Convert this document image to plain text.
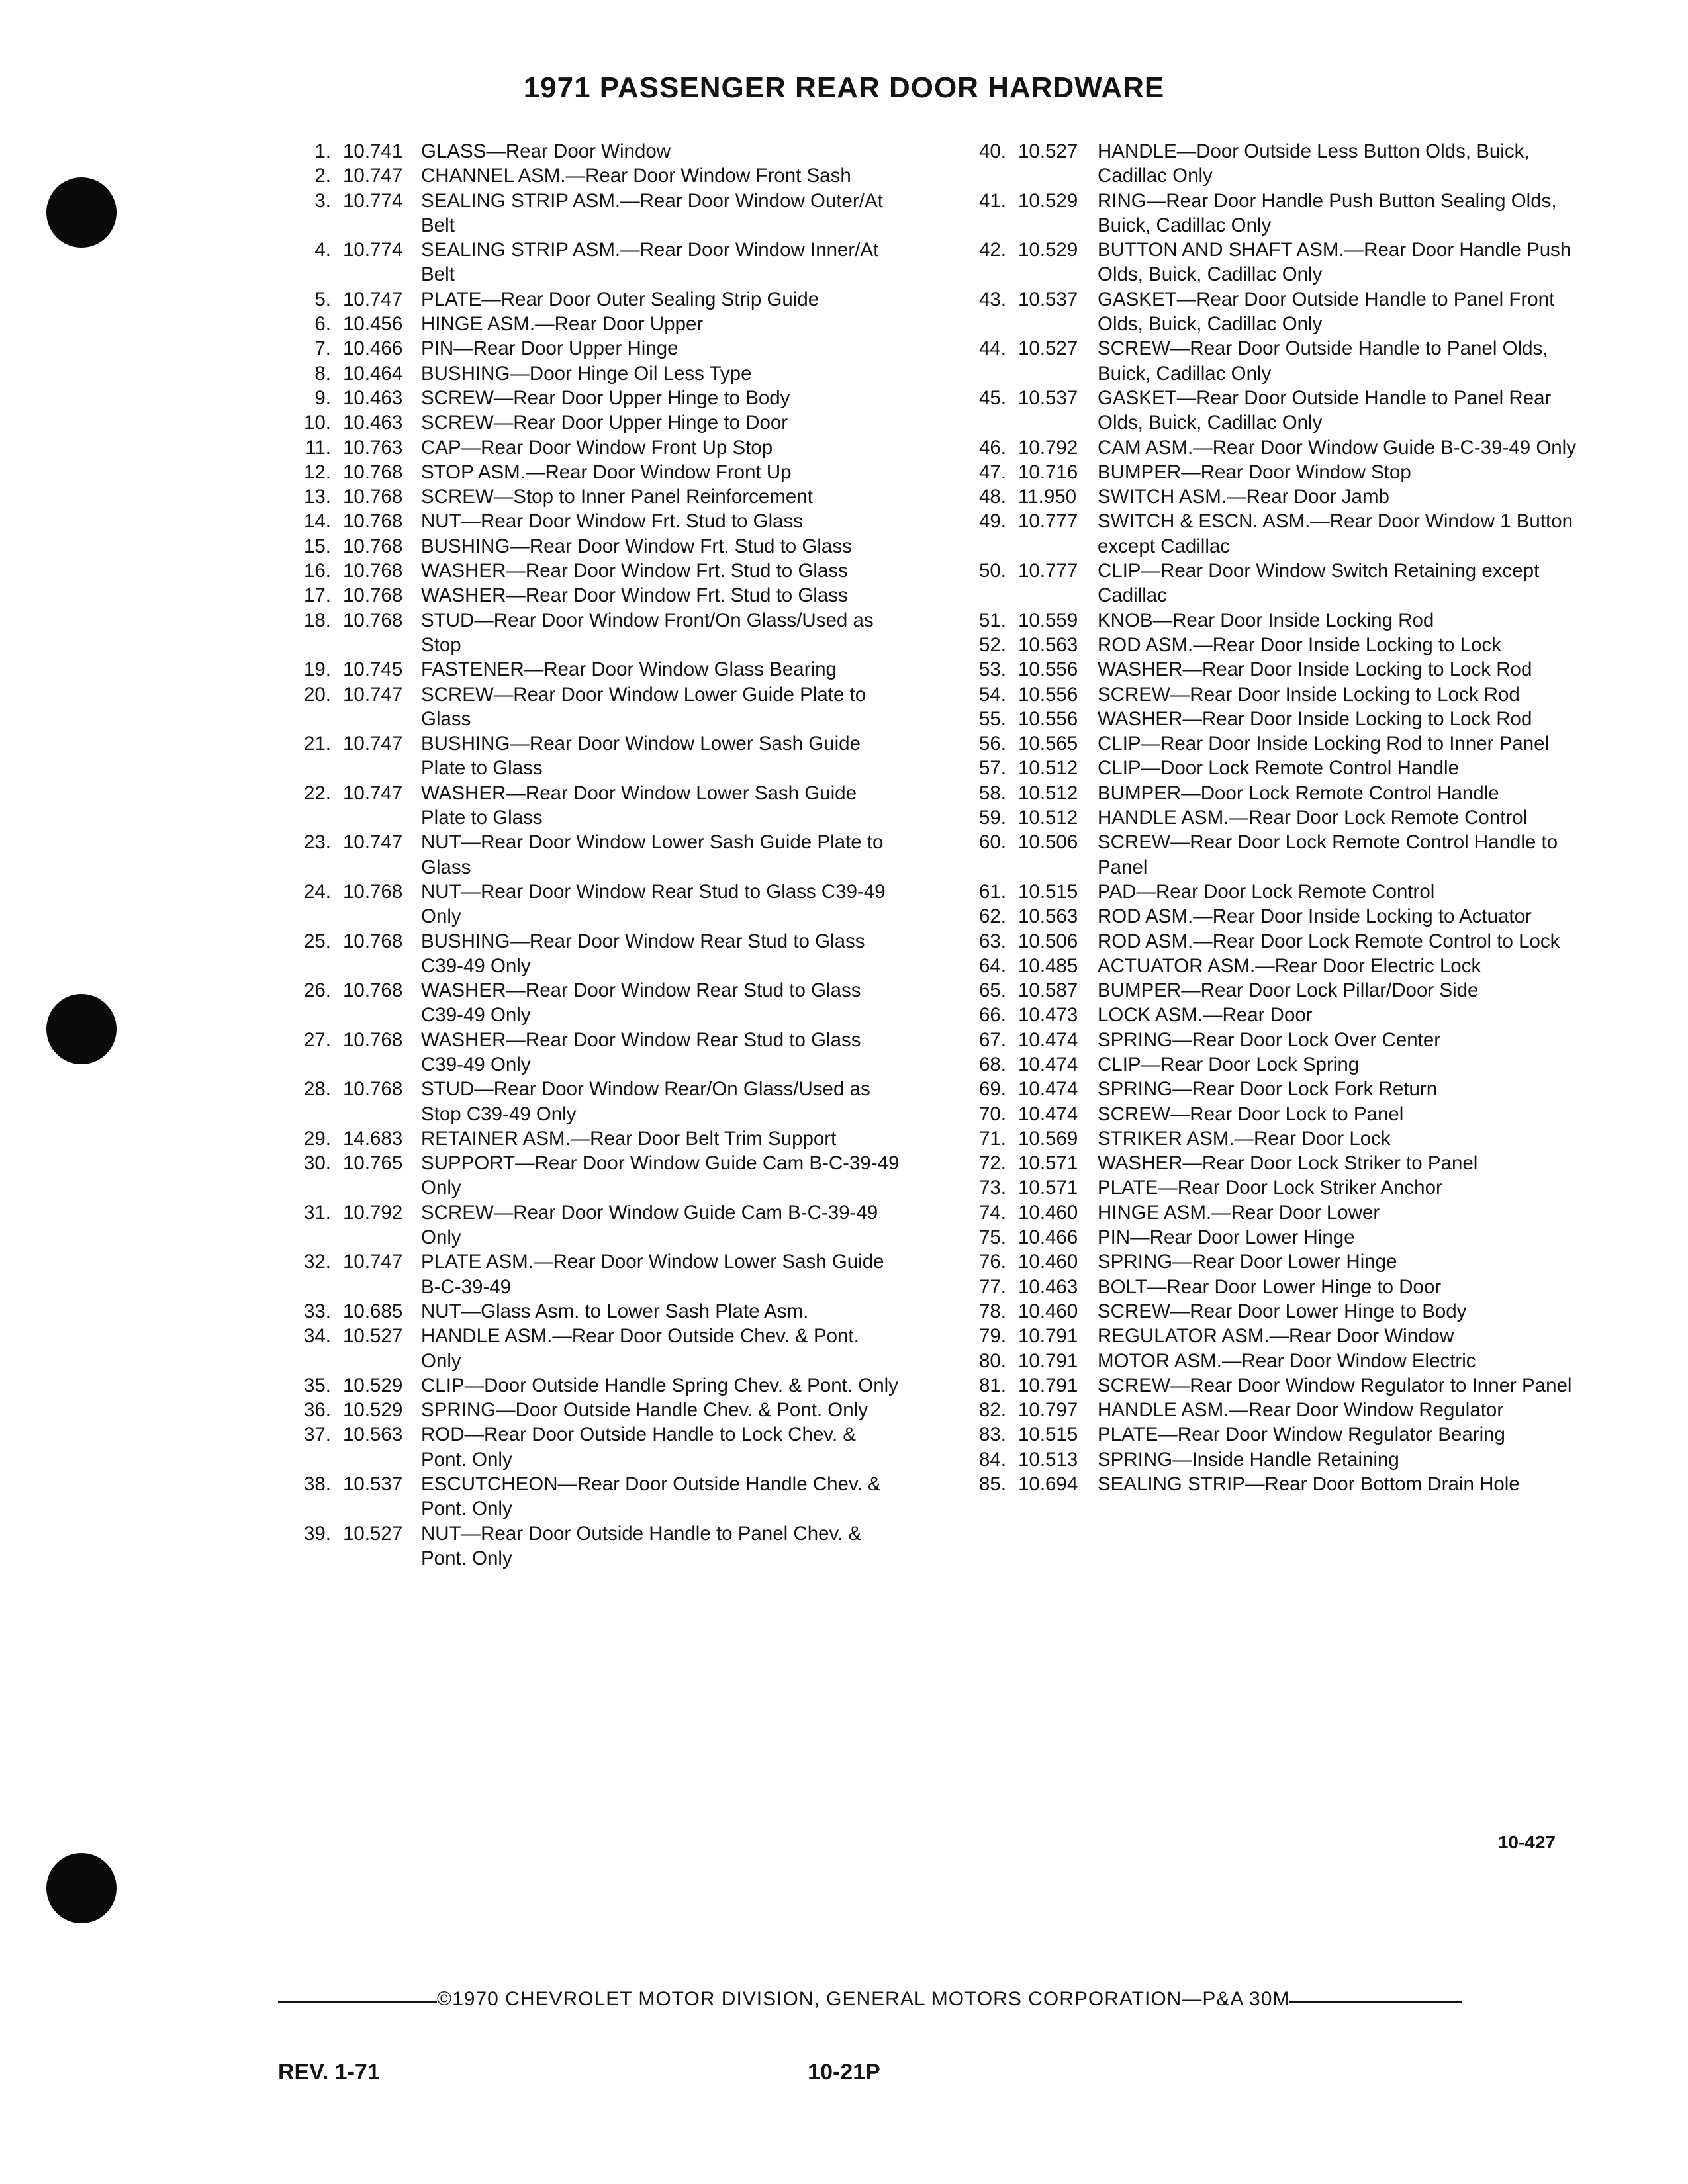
1971 PASSENGER REAR DOOR HARDWARE
1. 10.741 GLASS—Rear Door Window
2. 10.747 CHANNEL ASM.—Rear Door Window Front Sash
3. 10.774 SEALING STRIP ASM.—Rear Door Window Outer/At Belt
4. 10.774 SEALING STRIP ASM.—Rear Door Window Inner/At Belt
5. 10.747 PLATE—Rear Door Outer Sealing Strip Guide
6. 10.456 HINGE ASM.—Rear Door Upper
7. 10.466 PIN—Rear Door Upper Hinge
8. 10.464 BUSHING—Door Hinge Oil Less Type
9. 10.463 SCREW—Rear Door Upper Hinge to Body
10. 10.463 SCREW—Rear Door Upper Hinge to Door
11. 10.763 CAP—Rear Door Window Front Up Stop
12. 10.768 STOP ASM.—Rear Door Window Front Up
13. 10.768 SCREW—Stop to Inner Panel Reinforcement
14. 10.768 NUT—Rear Door Window Frt. Stud to Glass
15. 10.768 BUSHING—Rear Door Window Frt. Stud to Glass
16. 10.768 WASHER—Rear Door Window Frt. Stud to Glass
17. 10.768 WASHER—Rear Door Window Frt. Stud to Glass
18. 10.768 STUD—Rear Door Window Front/On Glass/Used as Stop
19. 10.745 FASTENER—Rear Door Window Glass Bearing
20. 10.747 SCREW—Rear Door Window Lower Guide Plate to Glass
21. 10.747 BUSHING—Rear Door Window Lower Sash Guide Plate to Glass
22. 10.747 WASHER—Rear Door Window Lower Sash Guide Plate to Glass
23. 10.747 NUT—Rear Door Window Lower Sash Guide Plate to Glass
24. 10.768 NUT—Rear Door Window Rear Stud to Glass C39-49 Only
25. 10.768 BUSHING—Rear Door Window Rear Stud to Glass C39-49 Only
26. 10.768 WASHER—Rear Door Window Rear Stud to Glass C39-49 Only
27. 10.768 WASHER—Rear Door Window Rear Stud to Glass C39-49 Only
28. 10.768 STUD—Rear Door Window Rear/On Glass/Used as Stop C39-49 Only
29. 14.683 RETAINER ASM.—Rear Door Belt Trim Support
30. 10.765 SUPPORT—Rear Door Window Guide Cam B-C-39-49 Only
31. 10.792 SCREW—Rear Door Window Guide Cam B-C-39-49 Only
32. 10.747 PLATE ASM.—Rear Door Window Lower Sash Guide B-C-39-49
33. 10.685 NUT—Glass Asm. to Lower Sash Plate Asm.
34. 10.527 HANDLE ASM.—Rear Door Outside Chev. & Pont. Only
35. 10.529 CLIP—Door Outside Handle Spring Chev. & Pont. Only
36. 10.529 SPRING—Door Outside Handle Chev. & Pont. Only
37. 10.563 ROD—Rear Door Outside Handle to Lock Chev. & Pont. Only
38. 10.537 ESCUTCHEON—Rear Door Outside Handle Chev. & Pont. Only
39. 10.527 NUT—Rear Door Outside Handle to Panel Chev. & Pont. Only
40. 10.527 HANDLE—Door Outside Less Button Olds, Buick, Cadillac Only
41. 10.529 RING—Rear Door Handle Push Button Sealing Olds, Buick, Cadillac Only
42. 10.529 BUTTON AND SHAFT ASM.—Rear Door Handle Push Olds, Buick, Cadillac Only
43. 10.537 GASKET—Rear Door Outside Handle to Panel Front Olds, Buick, Cadillac Only
44. 10.527 SCREW—Rear Door Outside Handle to Panel Olds, Buick, Cadillac Only
45. 10.537 GASKET—Rear Door Outside Handle to Panel Rear Olds, Buick, Cadillac Only
46. 10.792 CAM ASM.—Rear Door Window Guide B-C-39-49 Only
47. 10.716 BUMPER—Rear Door Window Stop
48. 11.950 SWITCH ASM.—Rear Door Jamb
49. 10.777 SWITCH & ESCN. ASM.—Rear Door Window 1 Button except Cadillac
50. 10.777 CLIP—Rear Door Window Switch Retaining except Cadillac
51. 10.559 KNOB—Rear Door Inside Locking Rod
52. 10.563 ROD ASM.—Rear Door Inside Locking to Lock
53. 10.556 WASHER—Rear Door Inside Locking to Lock Rod
54. 10.556 SCREW—Rear Door Inside Locking to Lock Rod
55. 10.556 WASHER—Rear Door Inside Locking to Lock Rod
56. 10.565 CLIP—Rear Door Inside Locking Rod to Inner Panel
57. 10.512 CLIP—Door Lock Remote Control Handle
58. 10.512 BUMPER—Door Lock Remote Control Handle
59. 10.512 HANDLE ASM.—Rear Door Lock Remote Control
60. 10.506 SCREW—Rear Door Lock Remote Control Handle to Panel
61. 10.515 PAD—Rear Door Lock Remote Control
62. 10.563 ROD ASM.—Rear Door Inside Locking to Actuator
63. 10.506 ROD ASM.—Rear Door Lock Remote Control to Lock
64. 10.485 ACTUATOR ASM.—Rear Door Electric Lock
65. 10.587 BUMPER—Rear Door Lock Pillar/Door Side
66. 10.473 LOCK ASM.—Rear Door
67. 10.474 SPRING—Rear Door Lock Over Center
68. 10.474 CLIP—Rear Door Lock Spring
69. 10.474 SPRING—Rear Door Lock Fork Return
70. 10.474 SCREW—Rear Door Lock to Panel
71. 10.569 STRIKER ASM.—Rear Door Lock
72. 10.571 WASHER—Rear Door Lock Striker to Panel
73. 10.571 PLATE—Rear Door Lock Striker Anchor
74. 10.460 HINGE ASM.—Rear Door Lower
75. 10.466 PIN—Rear Door Lower Hinge
76. 10.460 SPRING—Rear Door Lower Hinge
77. 10.463 BOLT—Rear Door Lower Hinge to Door
78. 10.460 SCREW—Rear Door Lower Hinge to Body
79. 10.791 REGULATOR ASM.—Rear Door Window
80. 10.791 MOTOR ASM.—Rear Door Window Electric
81. 10.791 SCREW—Rear Door Window Regulator to Inner Panel
82. 10.797 HANDLE ASM.—Rear Door Window Regulator
83. 10.515 PLATE—Rear Door Window Regulator Bearing
84. 10.513 SPRING—Inside Handle Retaining
85. 10.694 SEALING STRIP—Rear Door Bottom Drain Hole
10-427
©1970 CHEVROLET MOTOR DIVISION, GENERAL MOTORS CORPORATION—P&A 30M
REV. 1-71	10-21P
